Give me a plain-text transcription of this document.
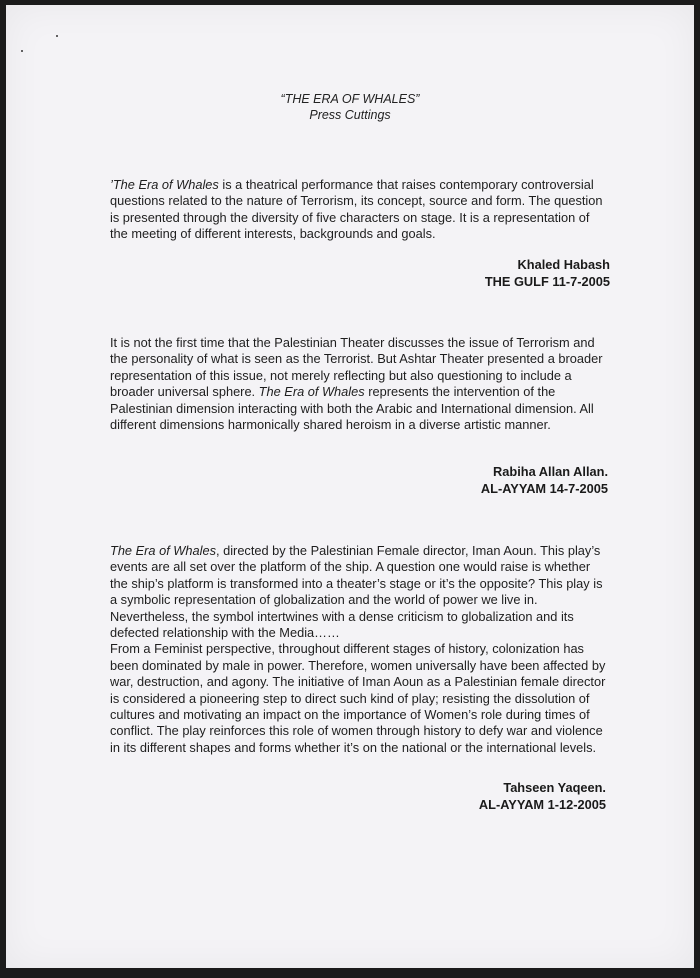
“THE ERA OF WHALES”
Press Cuttings

’The Era of Whales is a theatrical performance that raises contemporary controversial questions related to the nature of Terrorism, its concept, source and form. The question is presented through the diversity of five characters on stage. It is a representation of the meeting of different interests, backgrounds and goals.

Khaled Habash
THE GULF 11-7-2005

It is not the first time that the Palestinian Theater discusses the issue of Terrorism and the personality of what is seen as the Terrorist. But Ashtar Theater presented a broader representation of this issue, not merely reflecting but also questioning to include a broader universal sphere. The Era of Whales represents the intervention of the Palestinian dimension interacting with both the Arabic and International dimension. All different dimensions harmonically shared heroism in a diverse artistic manner.

Rabiha Allan Allan.
AL-AYYAM 14-7-2005

The Era of Whales, directed by the Palestinian Female director, Iman Aoun. This play’s events are all set over the platform of the ship. A question one would raise is whether the ship’s platform is transformed into a theater’s stage or it’s the opposite? This play is a symbolic representation of globalization and the world of power we live in. Nevertheless, the symbol intertwines with a dense criticism to globalization and its defected relationship with the Media……

From a Feminist perspective, throughout different stages of history, colonization has been dominated by male in power. Therefore, women universally have been affected by war, destruction, and agony. The initiative of Iman Aoun as a Palestinian female director is considered a pioneering step to direct such kind of play; resisting the dissolution of cultures and motivating an impact on the importance of Women’s role during times of conflict. The play reinforces this role of women through history to defy war and violence in its different shapes and forms whether it’s on the national or the international levels.

Tahseen Yaqeen.
AL-AYYAM 1-12-2005
